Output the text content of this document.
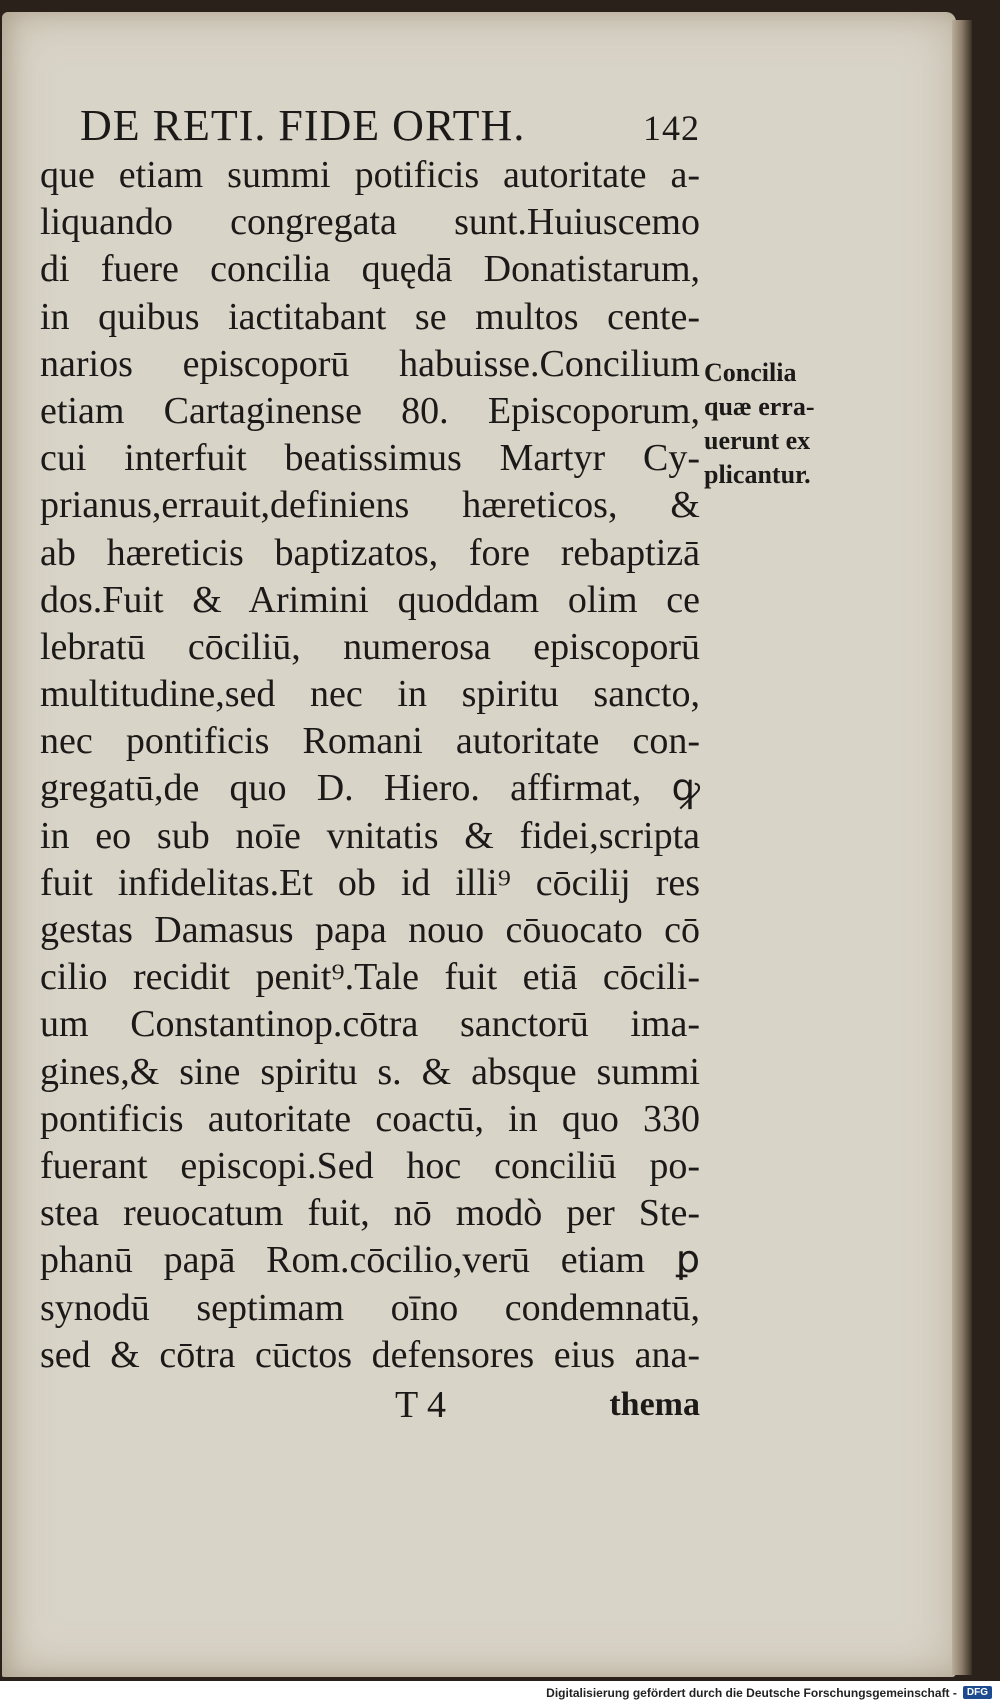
DE RETI. FIDE ORTH.	142
que etiam summi potificis autoritate a-
liquando congregata sunt.Huiuscemo
di fuere concilia quędā Donatistarum,
in quibus iactitabant se multos cente-
narios episcoporū habuisse.Concilium
etiam Cartaginense 80. Episcoporum,
cui interfuit beatissimus Martyr Cy-
prianus,errauit,definiens hæreticos, &
ab hæreticis baptizatos, fore rebaptizā
dos.Fuit & Arimini quoddam olim ce
lebratū cōciliū, numerosa episcoporū
multitudine,sed nec in spiritu sancto,
nec pontificis Romani autoritate con-
gregatū,de quo D. Hiero. affirmat, ꝙ
in eo sub noīe vnitatis & fidei,scripta
fuit infidelitas.Et ob id illi⁹ cōcilij res
gestas Damasus papa nouo cōuocato cō
cilio recidit penit⁹.Tale fuit etiā cōcili-
um Constantinop.cōtra sanctorū ima-
gines,& sine spiritu s. & absque summi
pontificis autoritate coactū, in quo 330
fuerant episcopi.Sed hoc conciliū po-
stea reuocatum fuit, nō modò per Ste-
phanū papā Rom.cōcilio,verū etiam ꝑ
synodū septimam oīno condemnatū,
sed & cōtra cūctos defensores eius ana-
T 4	thema
Concilia
quæ erra-
uerunt ex
plicantur.
Digitalisierung gefördert durch die Deutsche Forschungsgemeinschaft -	DFG
